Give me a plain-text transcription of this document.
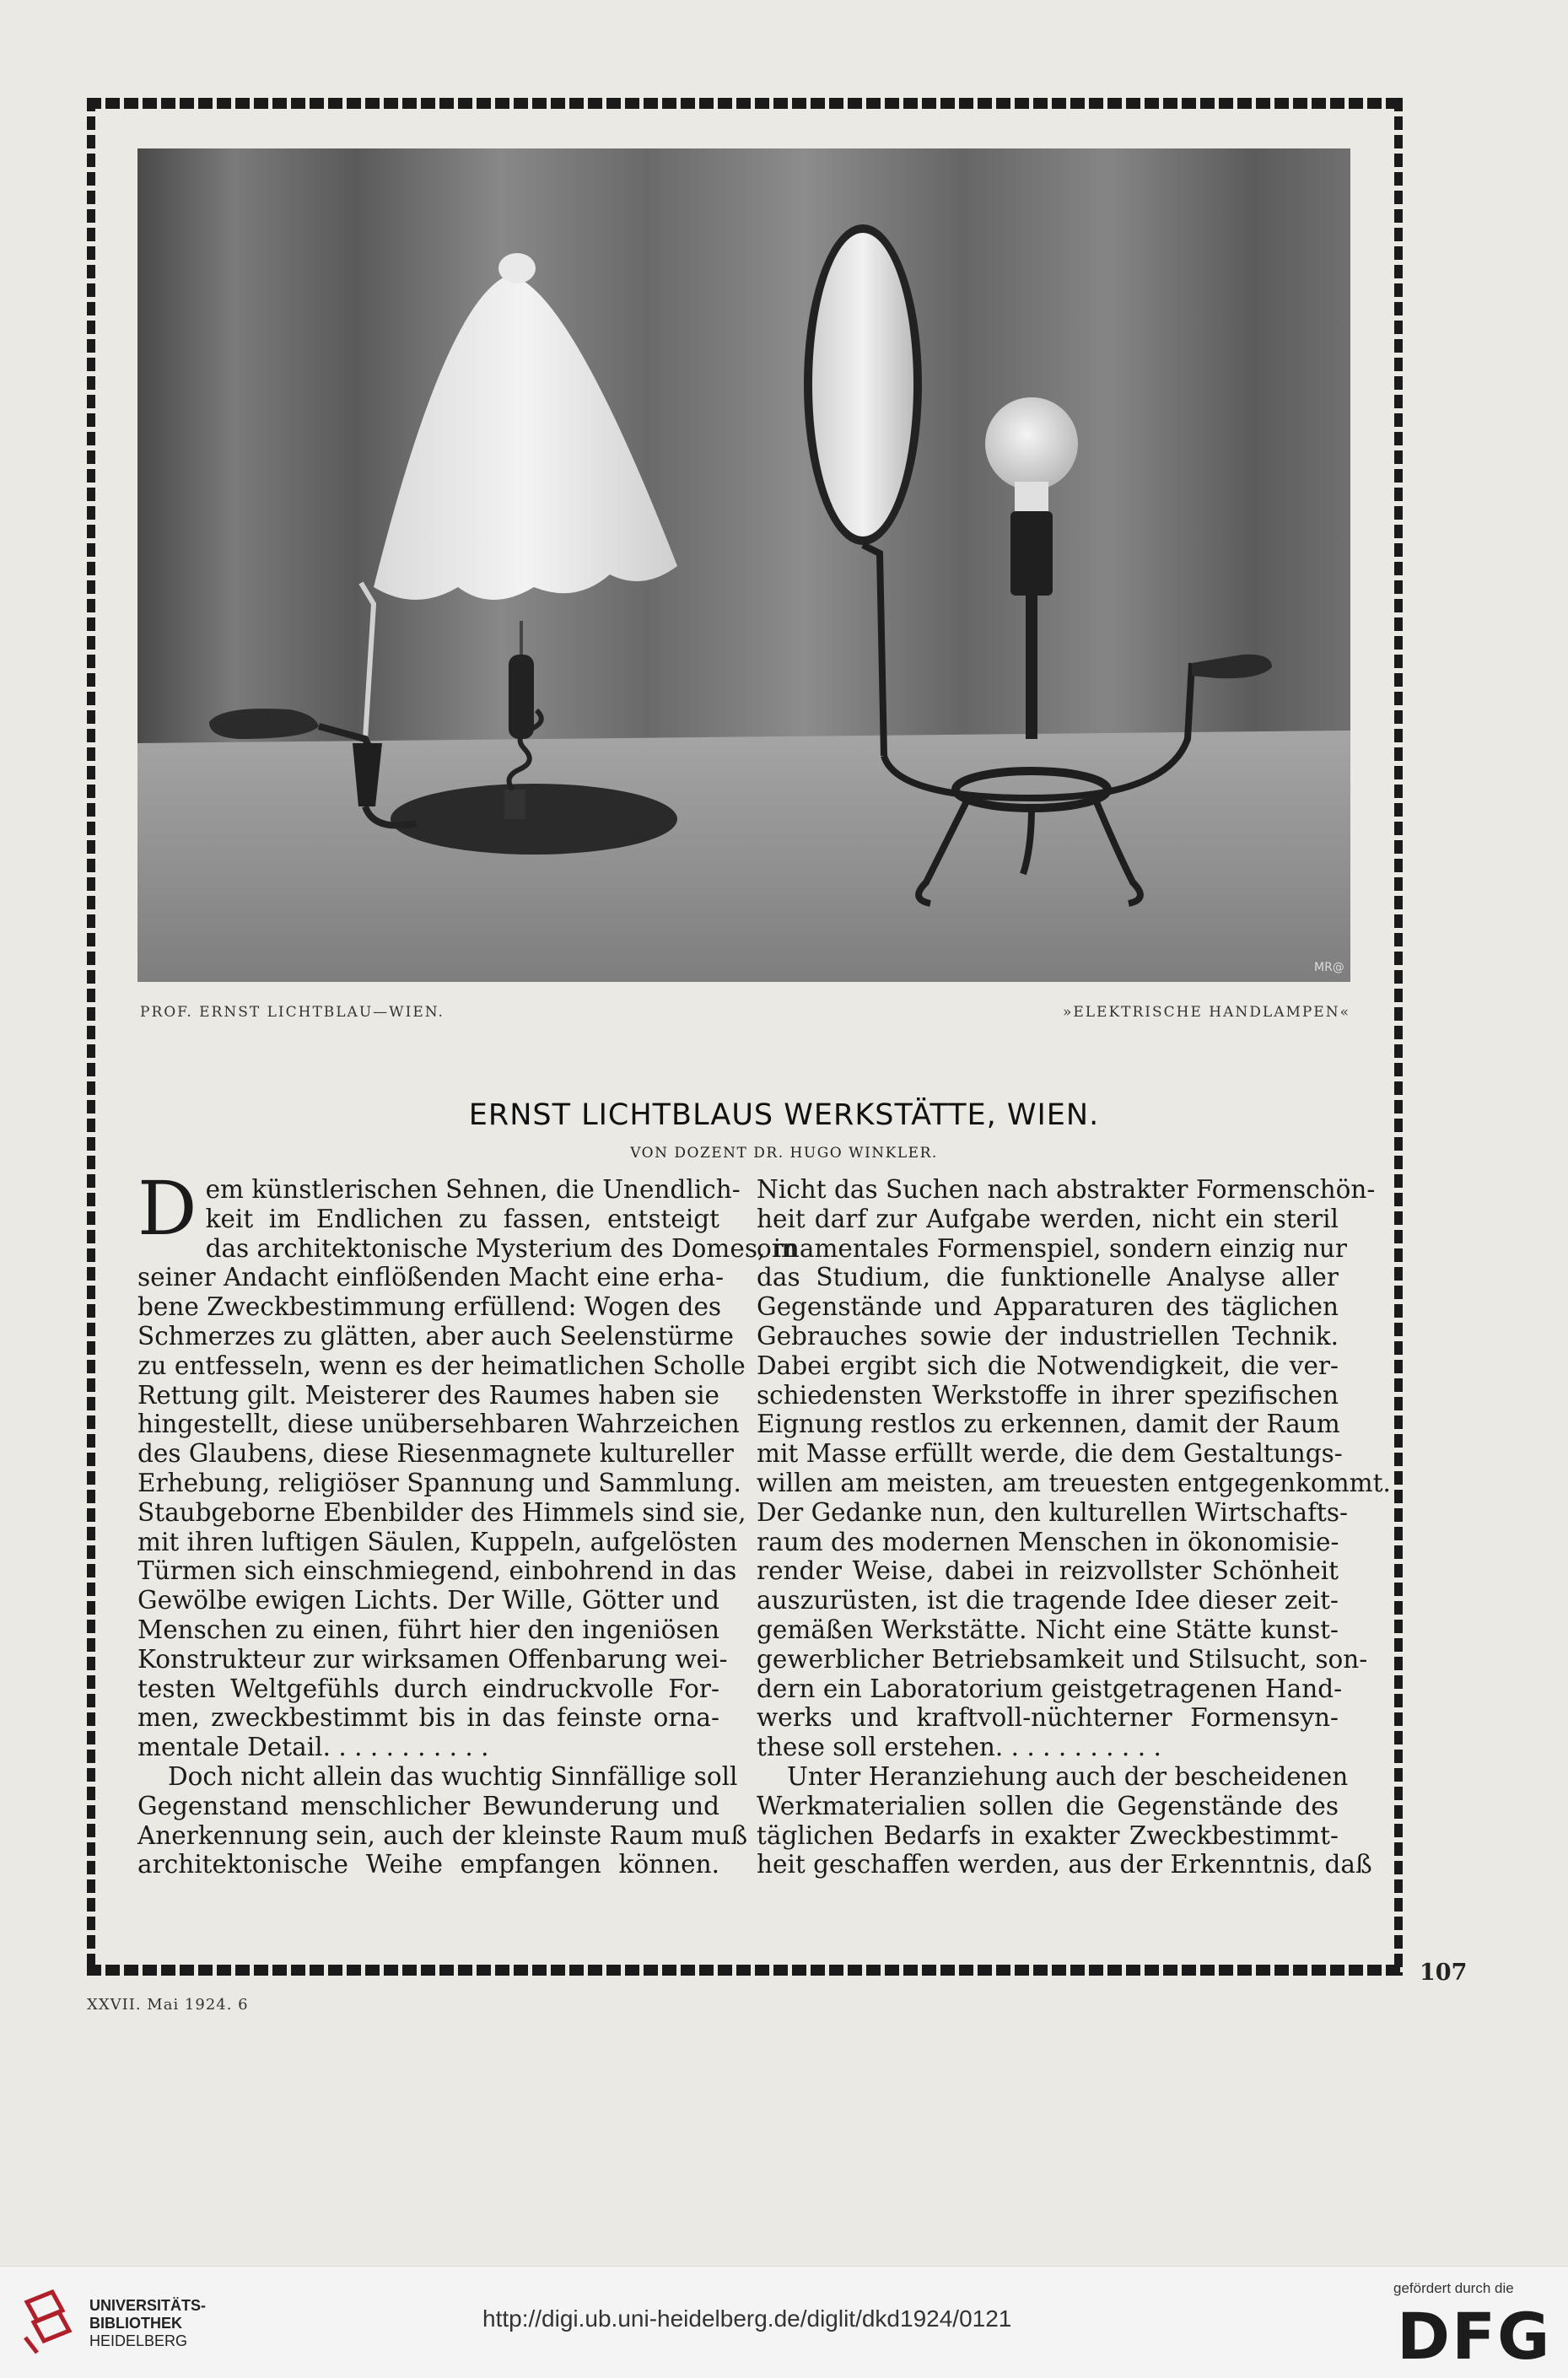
MR@
PROF. ERNST LICHTBLAU—WIEN.	»ELEKTRISCHE HANDLAMPEN«
ERNST LICHTBLAUS WERKSTÄTTE, WIEN.
VON DOZENT DR. HUGO WINKLER.
D em künstlerischen Sehnen, die Unendlich-
keit im Endlichen zu fassen, entsteigt
das architektonische Mysterium des Domes, in
seiner Andacht einflößenden Macht eine erha-
bene Zweckbestimmung erfüllend: Wogen des
Schmerzes zu glätten, aber auch Seelenstürme
zu entfesseln, wenn es der heimatlichen Scholle
Rettung gilt. Meisterer des Raumes haben sie
hingestellt, diese unübersehbaren Wahrzeichen
des Glaubens, diese Riesenmagnete kultureller
Erhebung, religiöser Spannung und Sammlung.
Staubgeborne Ebenbilder des Himmels sind sie,
mit ihren luftigen Säulen, Kuppeln, aufgelösten
Türmen sich einschmiegend, einbohrend in das
Gewölbe ewigen Lichts. Der Wille, Götter und
Menschen zu einen, führt hier den ingeniösen
Konstrukteur zur wirksamen Offenbarung wei-
testen Weltgefühls durch eindruckvolle For-
men, zweckbestimmt bis in das feinste orna-
mentale Detail. . . . . . . . . . .
Doch nicht allein das wuchtig Sinnfällige soll
Gegenstand menschlicher Bewunderung und
Anerkennung sein, auch der kleinste Raum muß
architektonische Weihe empfangen können.
Nicht das Suchen nach abstrakter Formenschön-
heit darf zur Aufgabe werden, nicht ein steril
ornamentales Formenspiel, sondern einzig nur
das Studium, die funktionelle Analyse aller
Gegenstände und Apparaturen des täglichen
Gebrauches sowie der industriellen Technik.
Dabei ergibt sich die Notwendigkeit, die ver-
schiedensten Werkstoffe in ihrer spezifischen
Eignung restlos zu erkennen, damit der Raum
mit Masse erfüllt werde, die dem Gestaltungs-
willen am meisten, am treuesten entgegenkommt.
Der Gedanke nun, den kulturellen Wirtschafts-
raum des modernen Menschen in ökonomisie-
render Weise, dabei in reizvollster Schönheit
auszurüsten, ist die tragende Idee dieser zeit-
gemäßen Werkstätte. Nicht eine Stätte kunst-
gewerblicher Betriebsamkeit und Stilsucht, son-
dern ein Laboratorium geistgetragenen Hand-
werks und kraftvoll-nüchterner Formensyn-
these soll erstehen. . . . . . . . . . .
Unter Heranziehung auch der bescheidenen
Werkmaterialien sollen die Gegenstände des
täglichen Bedarfs in exakter Zweckbestimmt-
heit geschaffen werden, aus der Erkenntnis, daß
107
XXVII. Mai 1924. 6
UNIVERSITÄTS-
BIBLIOTHEK
HEIDELBERG
http://digi.ub.uni-heidelberg.de/diglit/dkd1924/0121
gefördert durch die
DFG
